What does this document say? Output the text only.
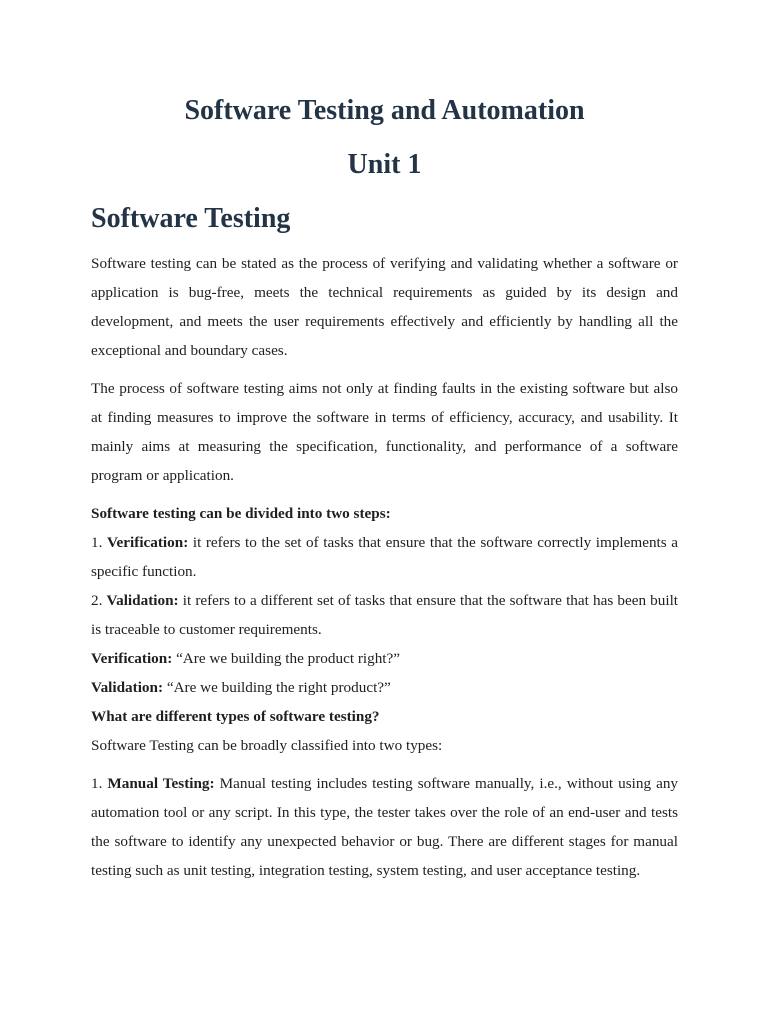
Software Testing and Automation
Unit 1
Software Testing

Software testing can be stated as the process of verifying and validating whether a software or application is bug-free, meets the technical requirements as guided by its design and development, and meets the user requirements effectively and efficiently by handling all the exceptional and boundary cases.

The process of software testing aims not only at finding faults in the existing software but also at finding measures to improve the software in terms of efficiency, accuracy, and usability. It mainly aims at measuring the specification, functionality, and performance of a software program or application.

Software testing can be divided into two steps:

1. Verification: it refers to the set of tasks that ensure that the software correctly implements a specific function.

2. Validation: it refers to a different set of tasks that ensure that the software that has been built is traceable to customer requirements.

Verification: “Are we building the product right?”

Validation: “Are we building the right product?”

What are different types of software testing?

Software Testing can be broadly classified into two types:

1. Manual Testing: Manual testing includes testing software manually, i.e., without using any automation tool or any script. In this type, the tester takes over the role of an end-user and tests the software to identify any unexpected behavior or bug. There are different stages for manual testing such as unit testing, integration testing, system testing, and user acceptance testing.
